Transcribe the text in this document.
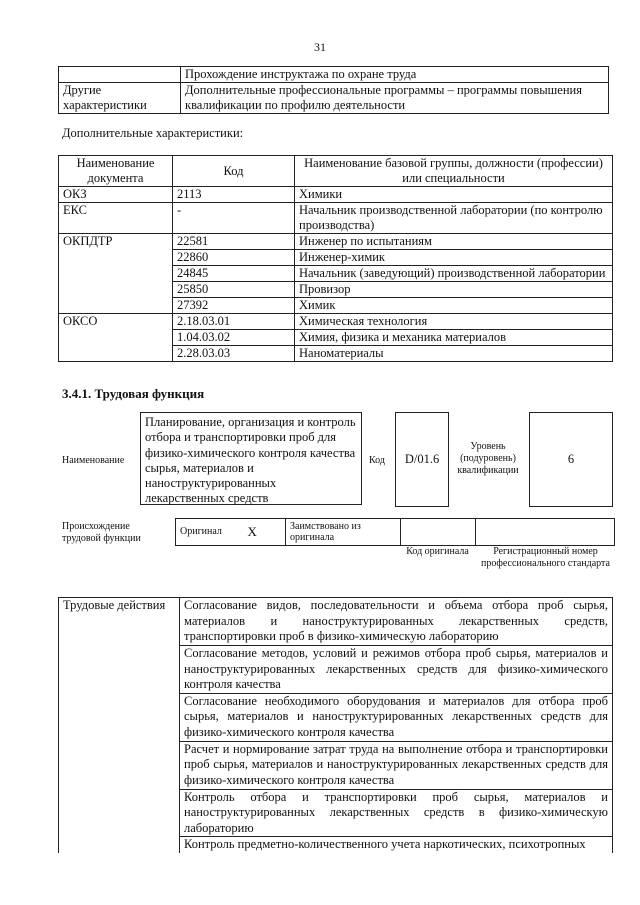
31
	Прохождение инструктажа по охране труда
Другие характеристики	Дополнительные профессиональные программы – программы повышения квалификации по профилю деятельности
Дополнительные характеристики:
Наименование документа	Код	Наименование базовой группы, должности (профессии) или специальности
ОКЗ	2113	Химики
ЕКС	-	Начальник производственной лаборатории (по контролю производства)
ОКПДТР	22581	Инженер по испытаниям
	22860	Инженер-химик
	24845	Начальник (заведующий) производственной лаборатории
	25850	Провизор
	27392	Химик
ОКСО	2.18.03.01	Химическая технология
	1.04.03.02	Химия, физика и механика материалов
	2.28.03.03	Наноматериалы
3.4.1. Трудовая функция
Наименование
Планирование, организация и контроль отбора и транспортировки проб для физико-химического контроля качества сырья, материалов и наноструктурированных лекарственных средств
Код	D/01.6
Уровень (подуровень) квалификации
6
Происхождение трудовой функции
Оригинал	X	Заимствовано из оригинала		
Код оригинала	Регистрационный номер профессионального стандарта
Трудовые действия	Согласование видов, последовательности и объема отбора проб сырья, материалов и наноструктурированных лекарственных средств, транспортировки проб в физико-химическую лабораторию
	Согласование методов, условий и режимов отбора проб сырья, материалов и наноструктурированных лекарственных средств для физико-химического контроля качества
	Согласование необходимого оборудования и материалов для отбора проб сырья, материалов и наноструктурированных лекарственных средств для физико-химического контроля качества
	Расчет и нормирование затрат труда на выполнение отбора и транспортировки проб сырья, материалов и наноструктурированных лекарственных средств для физико-химического контроля качества
	Контроль отбора и транспортировки проб сырья, материалов и наноструктурированных лекарственных средств в физико-химическую лабораторию
	Контроль предметно-количественного учета наркотических, психотропных
